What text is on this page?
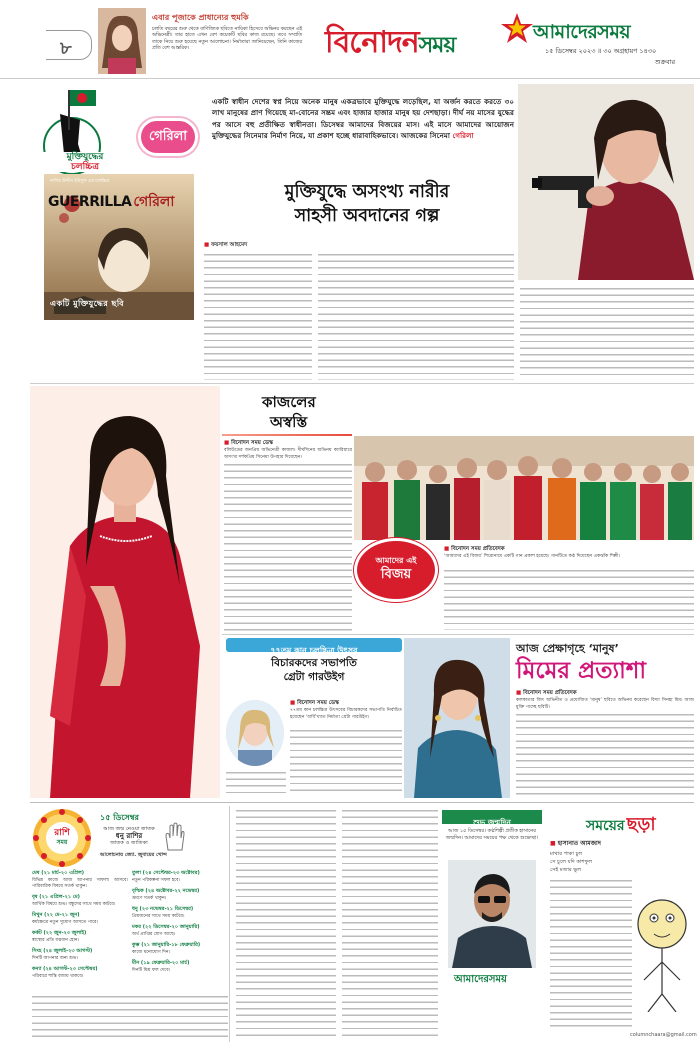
৮
এবার পূজাকে প্রাধান্যের হুমকি
চলতি বছরের শুরু থেকে বাণিজ্যিক ছবিতে নায়িকা হিসেবে অভিনয় করছেন এই অভিনেত্রী। তার হাতে এখন বেশ কয়েকটি ছবির কাজ রয়েছে। তবে সম্প্রতি তাকে নিয়ে শুরু হয়েছে নতুন আলোচনা। নির্মাতারা জানিয়েছেন, তিনি কাজের প্রতি বেশ আন্তরিক।	বিনোদনসময়
আমাদেরসময়
১৫ ডিসেম্বর ২০২৩ ॥ ৩০ অগ্রহায়ণ ১৪৩০
শুক্রবার
মুক্তিযুদ্ধের
চলচ্চিত্র
গেরিলা
একটি স্বাধীন দেশের স্বপ্ন নিয়ে অনেক মানুষ একত্রভাবে মুক্তিযুদ্ধে লড়েছিল, যা অর্জন করতে করতে ৩০ লাখ মানুষের প্রাণ গিয়েছে মা-বোনের সম্ভ্রম এবং হাজার হাজার মানুষ হয় দেশছাড়া। দীর্ঘ নয় মাসের যুদ্ধের পর আসে বহু প্রতীক্ষিত স্বাধীনতা। ডিসেম্বর আমাদের বিজয়ের মাস। এই মাসে আমাদের আয়োজন মুক্তিযুদ্ধের সিনেমার নির্মাণ নিয়ে, যা প্রকাশ হচ্ছে ধারাবাহিকভাবে। আজকের সিনেমা গেরিলা
নাসির উদ্দীন ইউসুফ এর চলচ্চিত্র
GUERRILLA গেরিলা
একটি মুক্তিযুদ্ধের ছবি
মুক্তিযুদ্ধে অসংখ্য নারীর
সাহসী অবদানের গল্প
■ ফয়সাল আহমেদ
কাজলের
অস্বস্তি
■ বিনোদন সময় ডেস্ক
বলিউডের জনপ্রিয় অভিনেত্রী কাজল। দীর্ঘদিনের অভিনয় ক্যারিয়ারে অসংখ্য দর্শকপ্রিয় সিনেমা উপহার দিয়েছেন।
আমাদের এই
বিজয়
■ বিনোদন সময় প্রতিবেদক
‘আমাদের এই বিজয়’ শিরোনামে একটি গান প্রকাশ হয়েছে। গানটিতে কণ্ঠ দিয়েছেন একঝাঁক শিল্পী।
৭৭তম কান চলচ্চিত্র উৎসব
বিচারকদের সভাপতি
গ্রেটা গারউইগ
■ বিনোদন সময় ডেস্ক
৭৭তম কান চলচ্চিত্র উৎসবের বিচারকদের সভাপতি নির্বাচিত হয়েছেন ‘বার্বি’খ্যাত নির্মাতা গ্রেটা গারউইগ।
আজ প্রেক্ষাগৃহে ‘মানুষ’
মিমের প্রত্যাশা
■ বিনোদন সময় প্রতিবেদক
কলকাতার জিৎ অভিনীত ও প্রযোজিত ‘মানুষ’ ছবিতে অভিনয় করেছেন বিদ্যা সিনহা মিম। আজ মুক্তি পাচ্ছে ছবিটি।
রাশি
সময়
১৫ ডিসেম্বর
আজ জন্ম নেওয়া জাতক
ধনু রাশির
জাতক ও জাতিকা
আলোচনায় জ্যো. জুবায়ের খোন্দ
মেষ (২১ মার্চ-২০ এপ্রিল)
বিভিন্ন কাজে আজ আপনার সাফল্য আসবে। পারিবারিক বিষয়ে সতর্ক থাকুন।
বৃষ (২১ এপ্রিল-২১ মে)
আর্থিক বিষয়ে শুভ। বন্ধুদের সাথে সময় কাটবে।
মিথুন (২২ মে-২১ জুন)
কর্মক্ষেত্রে নতুন সুযোগ আসতে পারে।
কর্কট (২২ জুন-২৩ জুলাই)
স্বাস্থ্যের প্রতি যত্নবান হোন।
সিংহ (২৪ জুলাই-২৩ আগস্ট)
দিনটি আপনার জন্য শুভ।
কন্যা (২৪ আগস্ট-২৩ সেপ্টেম্বর)
পরিবারে শান্তি বজায় থাকবে।
তুলা (২৪ সেপ্টেম্বর-২৩ অক্টোবর)
নতুন পরিকল্পনা সফল হবে।
বৃশ্চিক (২৪ অক্টোবর-২২ নভেম্বর)
ভ্রমণে সতর্ক থাকুন।
ধনু (২৩ নভেম্বর-২১ ডিসেম্বর)
প্রিয়জনের সাথে সময় কাটবে।
মকর (২২ ডিসেম্বর-২০ জানুয়ারি)
অর্থ প্রাপ্তির যোগ আছে।
কুম্ভ (২১ জানুয়ারি-১৮ ফেব্রুয়ারি)
কাজে মনোযোগ দিন।
মীন (১৯ ফেব্রুয়ারি-২০ মার্চ)
দিনটি মিশ্র ফল দেবে।
শুভ জন্মদিন
আজ ১৫ ডিসেম্বর। কণ্ঠশিল্পী প্রতীক হাসানের জন্মদিন। আমাদের সময়ের পক্ষ থেকে শুভেচ্ছা।
আমাদেরসময়
সময়ের ছড়া
■ হাসানাত আমজাদ
মাথার পাকা চুল
সে চুলে যদি কাশফুল
সেই মজার ভুল
columnchaara@gmail.com
